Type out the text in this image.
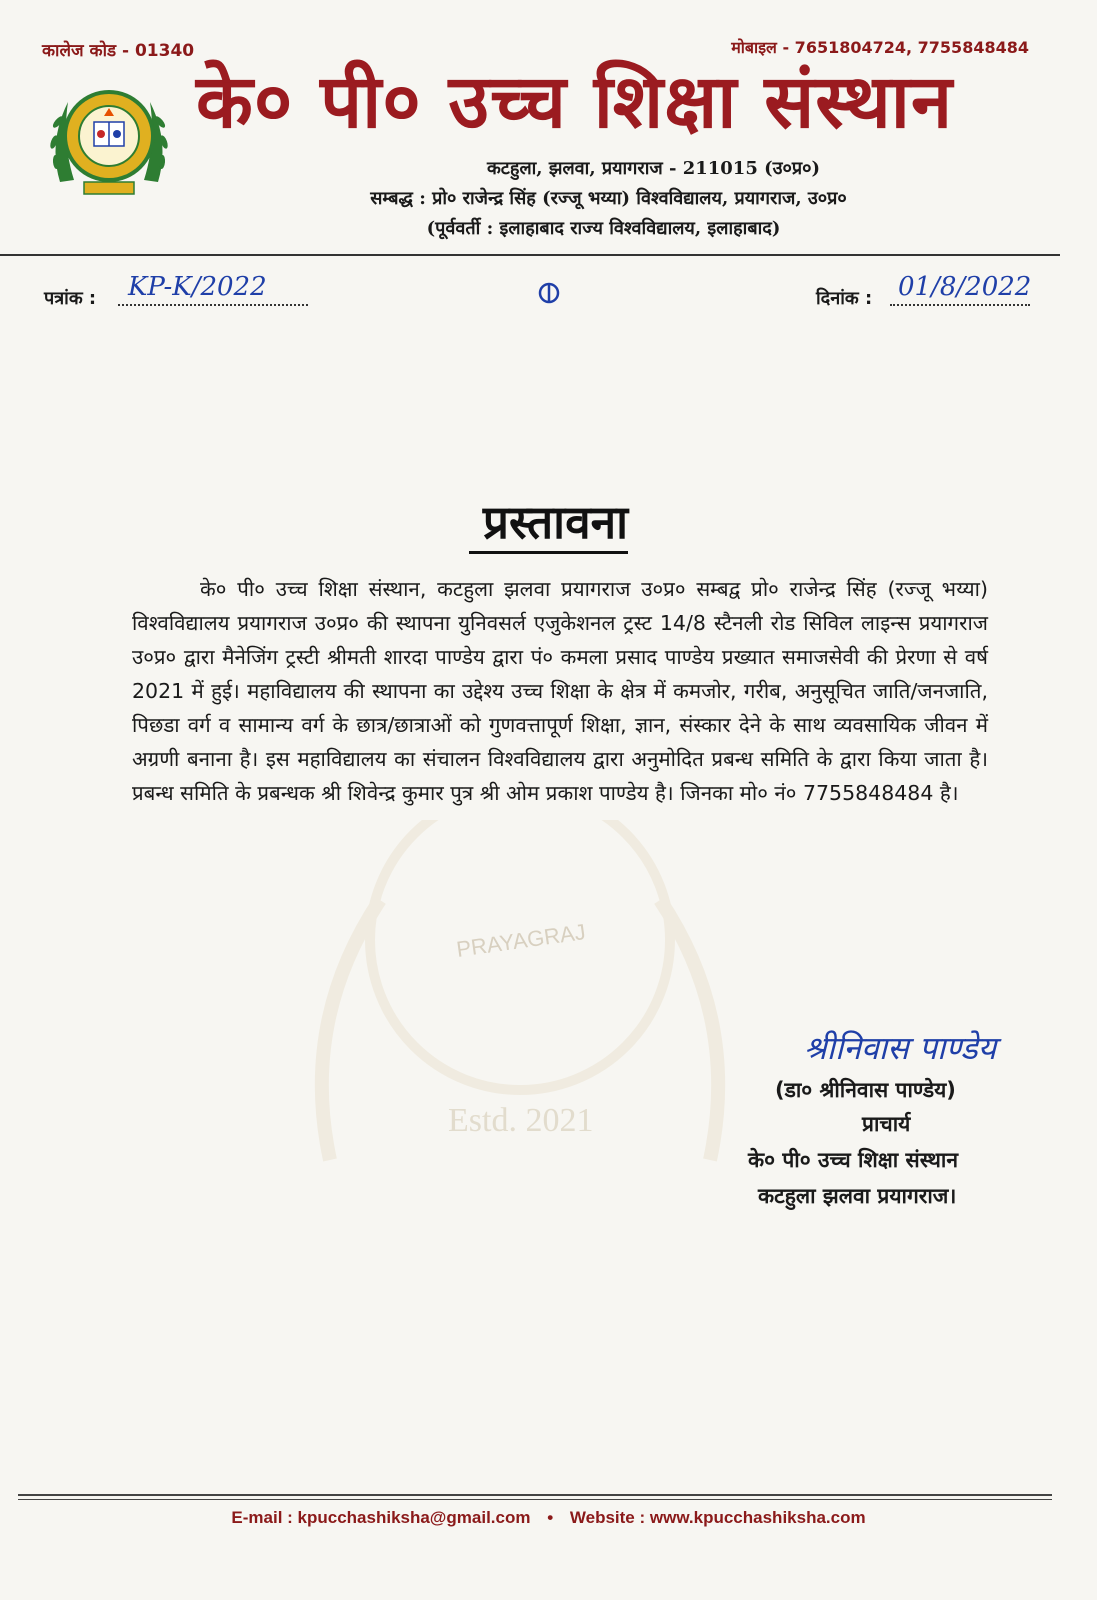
कालेज कोड - 01340	मोबाइल - 7651804724, 7755848484
के० पी० उच्च शिक्षा संस्थान
कटहुला, झलवा, प्रयागराज - 211015 (उ०प्र०)
सम्बद्ध : प्रो० राजेन्द्र सिंह (रज्जू भय्या) विश्वविद्यालय, प्रयागराज, उ०प्र०
(पूर्ववर्ती : इलाहाबाद राज्य विश्वविद्यालय, इलाहाबाद)
पत्रांक : KP-K/2022	दिनांक : 01/8/2022
PRAYAGRAJ
Estd. 2021
प्रस्तावना

के० पी० उच्च शिक्षा संस्थान, कटहुला झलवा प्रयागराज उ०प्र० सम्बद्व प्रो० राजेन्द्र सिंह (रज्जू भय्या) विश्वविद्यालय प्रयागराज उ०प्र० की स्थापना युनिवसर्ल एजुकेशनल ट्रस्ट 14/8 स्टैनली रोड सिविल लाइन्स प्रयागराज उ०प्र० द्वारा मैनेजिंग ट्रस्टी श्रीमती शारदा पाण्डेय द्वारा पं० कमला प्रसाद पाण्डेय प्रख्यात समाजसेवी की प्रेरणा से वर्ष 2021 में हुई। महाविद्यालय की स्थापना का उद्देश्य उच्च शिक्षा के क्षेत्र में कमजोर, गरीब, अनुसूचित जाति/जनजाति, पिछडा वर्ग व सामान्य वर्ग के छात्र/छात्राओं को गुणवत्तापूर्ण शिक्षा, ज्ञान, संस्कार देने के साथ व्यवसायिक जीवन में अग्रणी बनाना है। इस महाविद्यालय का संचालन विश्वविद्यालय द्वारा अनुमोदित प्रबन्ध समिति के द्वारा किया जाता है। प्रबन्ध समिति के प्रबन्धक श्री शिवेन्द्र कुमार पुत्र श्री ओम प्रकाश पाण्डेय है। जिनका मो० नं० 7755848484 है।

श्रीनिवास पाण्डेय
(डा० श्रीनिवास पाण्डेय)
प्राचार्य
के० पी० उच्च शिक्षा संस्थान
कटहुला झलवा प्रयागराज।
E-mail : kpucchashiksha@gmail.com • Website : www.kpucchashiksha.com
